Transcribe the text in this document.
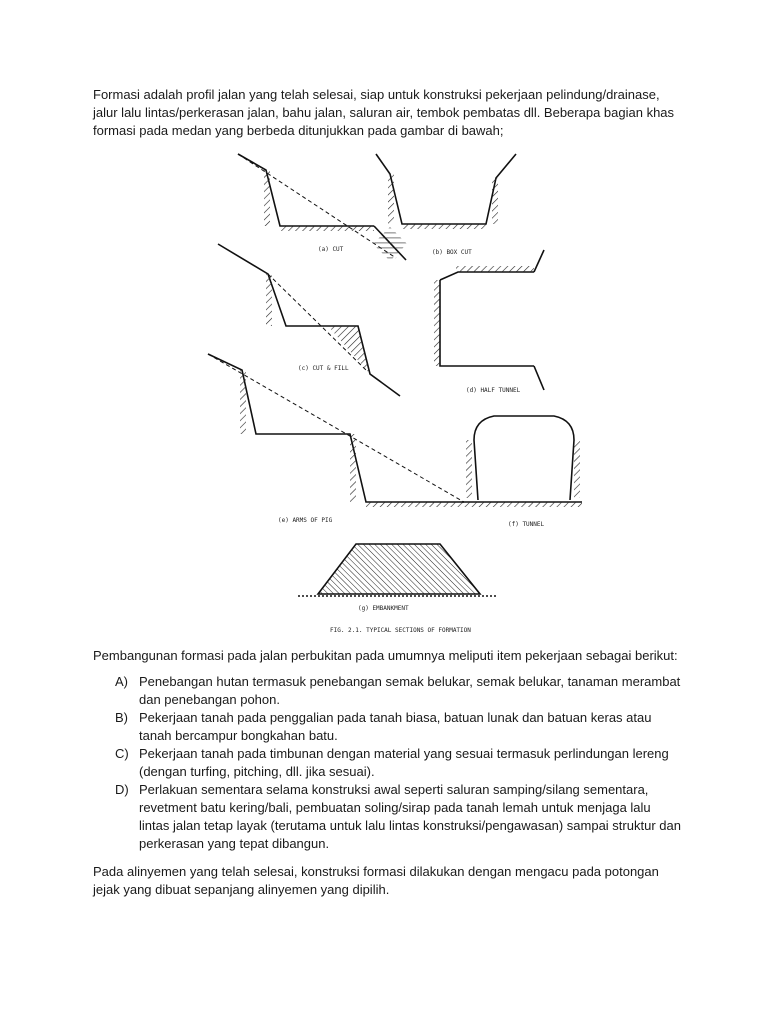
Formasi adalah profil jalan yang telah selesai, siap untuk konstruksi pekerjaan pelindung/drainase, jalur lalu lintas/perkerasan jalan, bahu jalan, saluran air, tembok pembatas dll. Beberapa bagian khas formasi pada medan yang berbeda ditunjukkan pada gambar di bawah;

(a) CUT	(b) BOX CUT
(c) CUT & FILL
(d) HALF TUNNEL
(e) ARMS OF PIG
(f) TUNNEL
(g) EMBANKMENT
FIG. 2.1. TYPICAL SECTIONS OF FORMATION

Pembangunan formasi pada jalan perbukitan pada umumnya meliputi item pekerjaan sebagai berikut:

A) Penebangan hutan termasuk penebangan semak belukar, semak belukar, tanaman merambat dan penebangan pohon.
B) Pekerjaan tanah pada penggalian pada tanah biasa, batuan lunak dan batuan keras atau tanah bercampur bongkahan batu.
C) Pekerjaan tanah pada timbunan dengan material yang sesuai termasuk perlindungan lereng (dengan turfing, pitching, dll. jika sesuai).
D) Perlakuan sementara selama konstruksi awal seperti saluran samping/silang sementara, revetment batu kering/bali, pembuatan soling/sirap pada tanah lemah untuk menjaga lalu lintas jalan tetap layak (terutama untuk lalu lintas konstruksi/pengawasan) sampai struktur dan perkerasan yang tepat dibangun.

Pada alinyemen yang telah selesai, konstruksi formasi dilakukan dengan mengacu pada potongan jejak yang dibuat sepanjang alinyemen yang dipilih.
